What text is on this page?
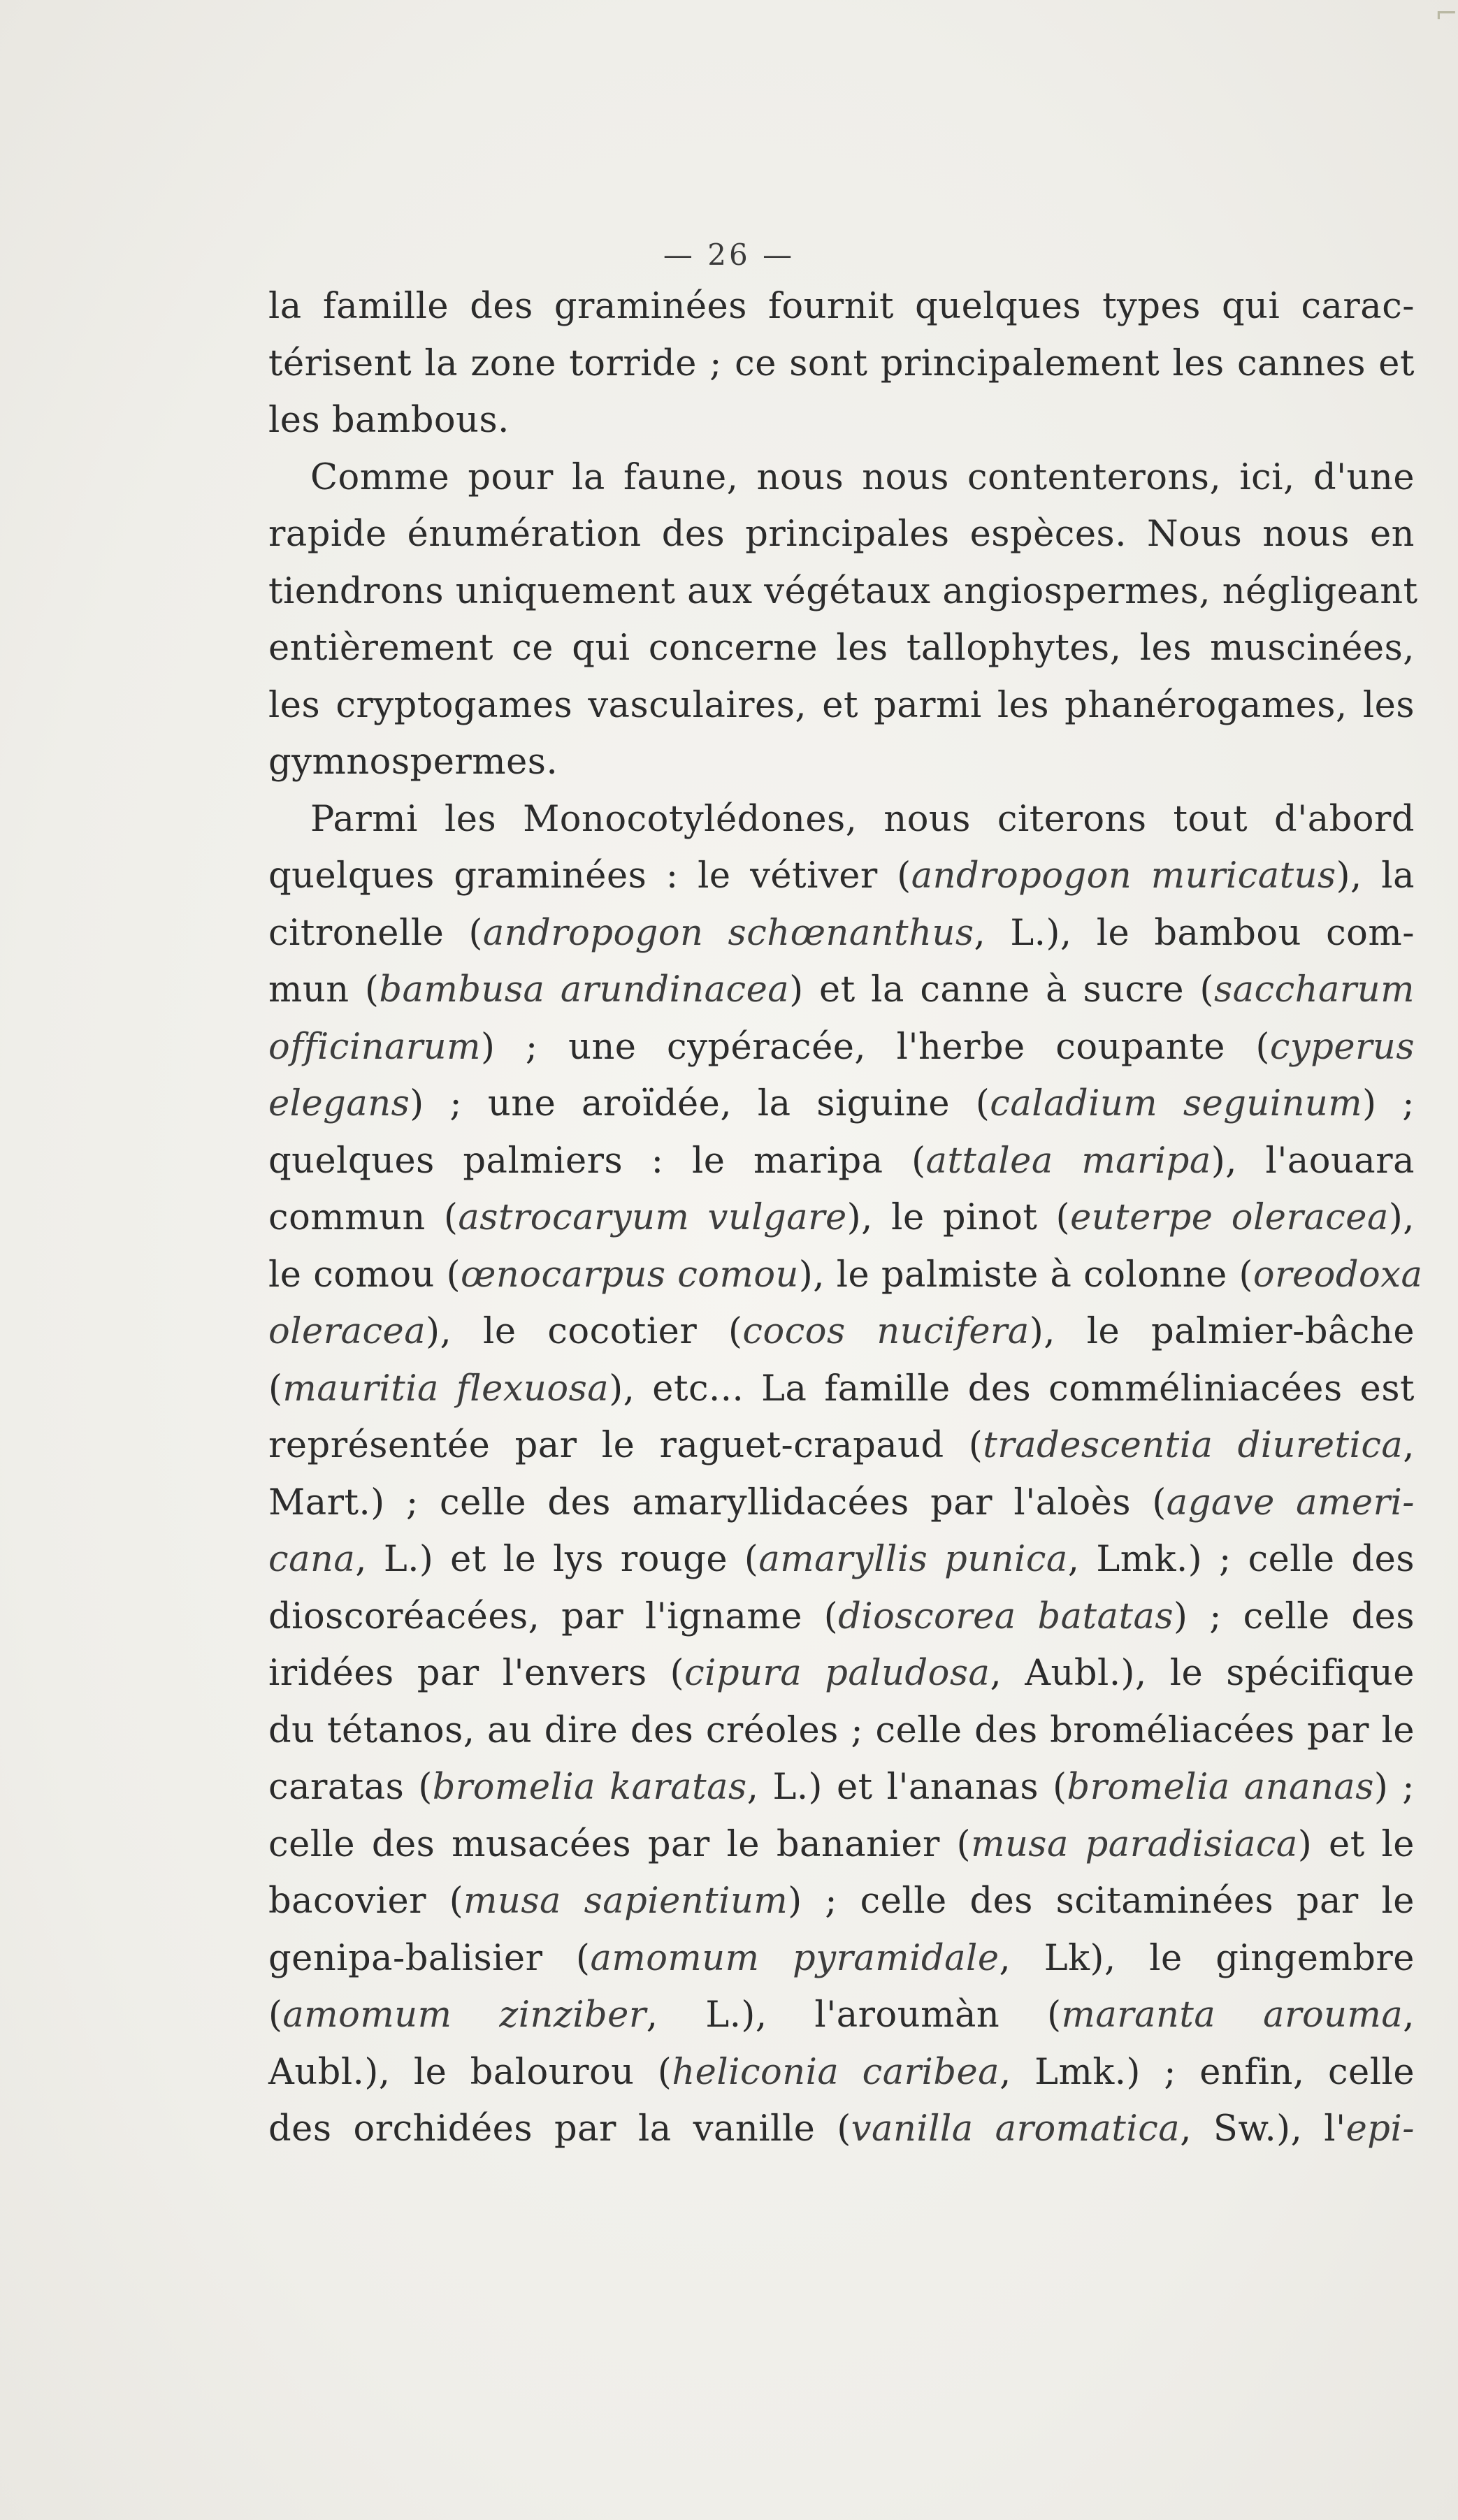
⌐
— 26 —
la famille des graminées fournit quelques types qui carac-
térisent la zone torride ; ce sont principalement les cannes et
les bambous.
Comme pour la faune, nous nous contenterons, ici, d'une
rapide énumération des principales espèces. Nous nous en
tiendrons uniquement aux végétaux angiospermes, négligeant
entièrement ce qui concerne les tallophytes, les muscinées,
les cryptogames vasculaires, et parmi les phanérogames, les
gymnospermes.
Parmi les Monocotylédones, nous citerons tout d'abord
quelques graminées : le vétiver (andropogon muricatus), la
citronelle (andropogon schœnanthus, L.), le bambou com-
mun (bambusa arundinacea) et la canne à sucre (saccharum
officinarum) ; une cypéracée, l'herbe coupante (cyperus
elegans) ; une aroïdée, la siguine (caladium seguinum) ;
quelques palmiers : le maripa (attalea maripa), l'aouara
commun (astrocaryum vulgare), le pinot (euterpe oleracea),
le comou (œnocarpus comou), le palmiste à colonne (oreodoxa
oleracea), le cocotier (cocos nucifera), le palmier-bâche
(mauritia flexuosa), etc... La famille des comméliniacées est
représentée par le raguet-crapaud (tradescentia diuretica,
Mart.) ; celle des amaryllidacées par l'aloès (agave ameri-
cana, L.) et le lys rouge (amaryllis punica, Lmk.) ; celle des
dioscoréacées, par l'igname (dioscorea batatas) ; celle des
iridées par l'envers (cipura paludosa, Aubl.), le spécifique
du tétanos, au dire des créoles ; celle des broméliacées par le
caratas (bromelia karatas, L.) et l'ananas (bromelia ananas) ;
celle des musacées par le bananier (musa paradisiaca) et le
bacovier (musa sapientium) ; celle des scitaminées par le
genipa-balisier (amomum pyramidale, Lk), le gingembre
(amomum zinziber, L.), l'aroumàn (maranta arouma,
Aubl.), le balourou (heliconia caribea, Lmk.) ; enfin, celle
des orchidées par la vanille (vanilla aromatica, Sw.), l'epi-
